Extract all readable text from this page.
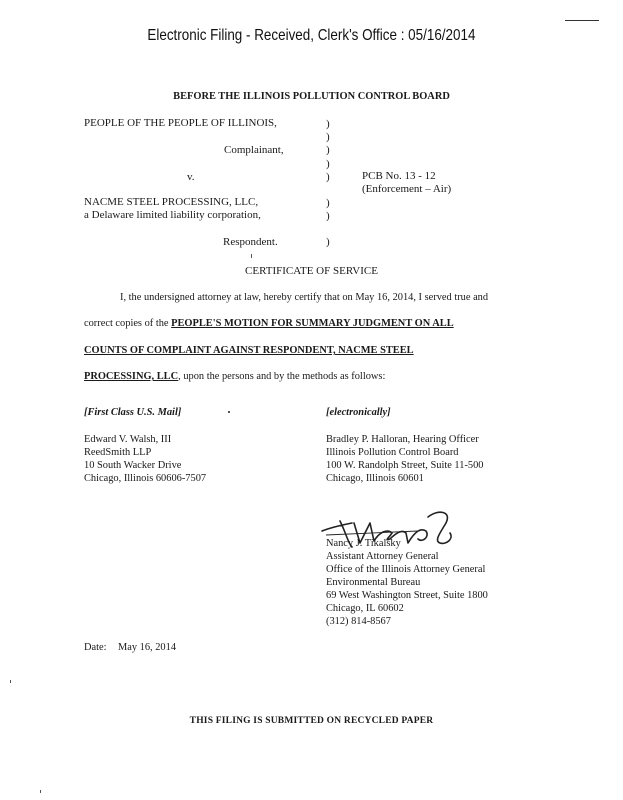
Electronic Filing - Received, Clerk's Office : 05/16/2014
BEFORE THE ILLINOIS POLLUTION CONTROL BOARD
PEOPLE OF THE PEOPLE OF ILLINOIS,
Complainant,
v.
NACME STEEL PROCESSING, LLC,
a Delaware limited liability corporation,
Respondent.
)
)
)
)
)
)
)
)
PCB No. 13 - 12
(Enforcement – Air)
CERTIFICATE OF SERVICE
I, the undersigned attorney at law, hereby certify that on May 16, 2014, I served true and
correct copies of the PEOPLE'S MOTION FOR SUMMARY JUDGMENT ON ALL
COUNTS OF COMPLAINT AGAINST RESPONDENT, NACME STEEL
PROCESSING, LLC, upon the persons and by the methods as follows:
[First Class U.S. Mail]	[electronically]
Edward V. Walsh, III
ReedSmith LLP
10 South Wacker Drive
Chicago, Illinois 60606-7507
Bradley P. Halloran, Hearing Officer
Illinois Pollution Control Board
100 W. Randolph Street, Suite 11-500
Chicago, Illinois 60601
Nancy J. Tikalsky
Assistant Attorney General
Office of the Illinois Attorney General
Environmental Bureau
69 West Washington Street, Suite 1800
Chicago, IL 60602
(312) 814-8567
Date: May 16, 2014
THIS FILING IS SUBMITTED ON RECYCLED PAPER
